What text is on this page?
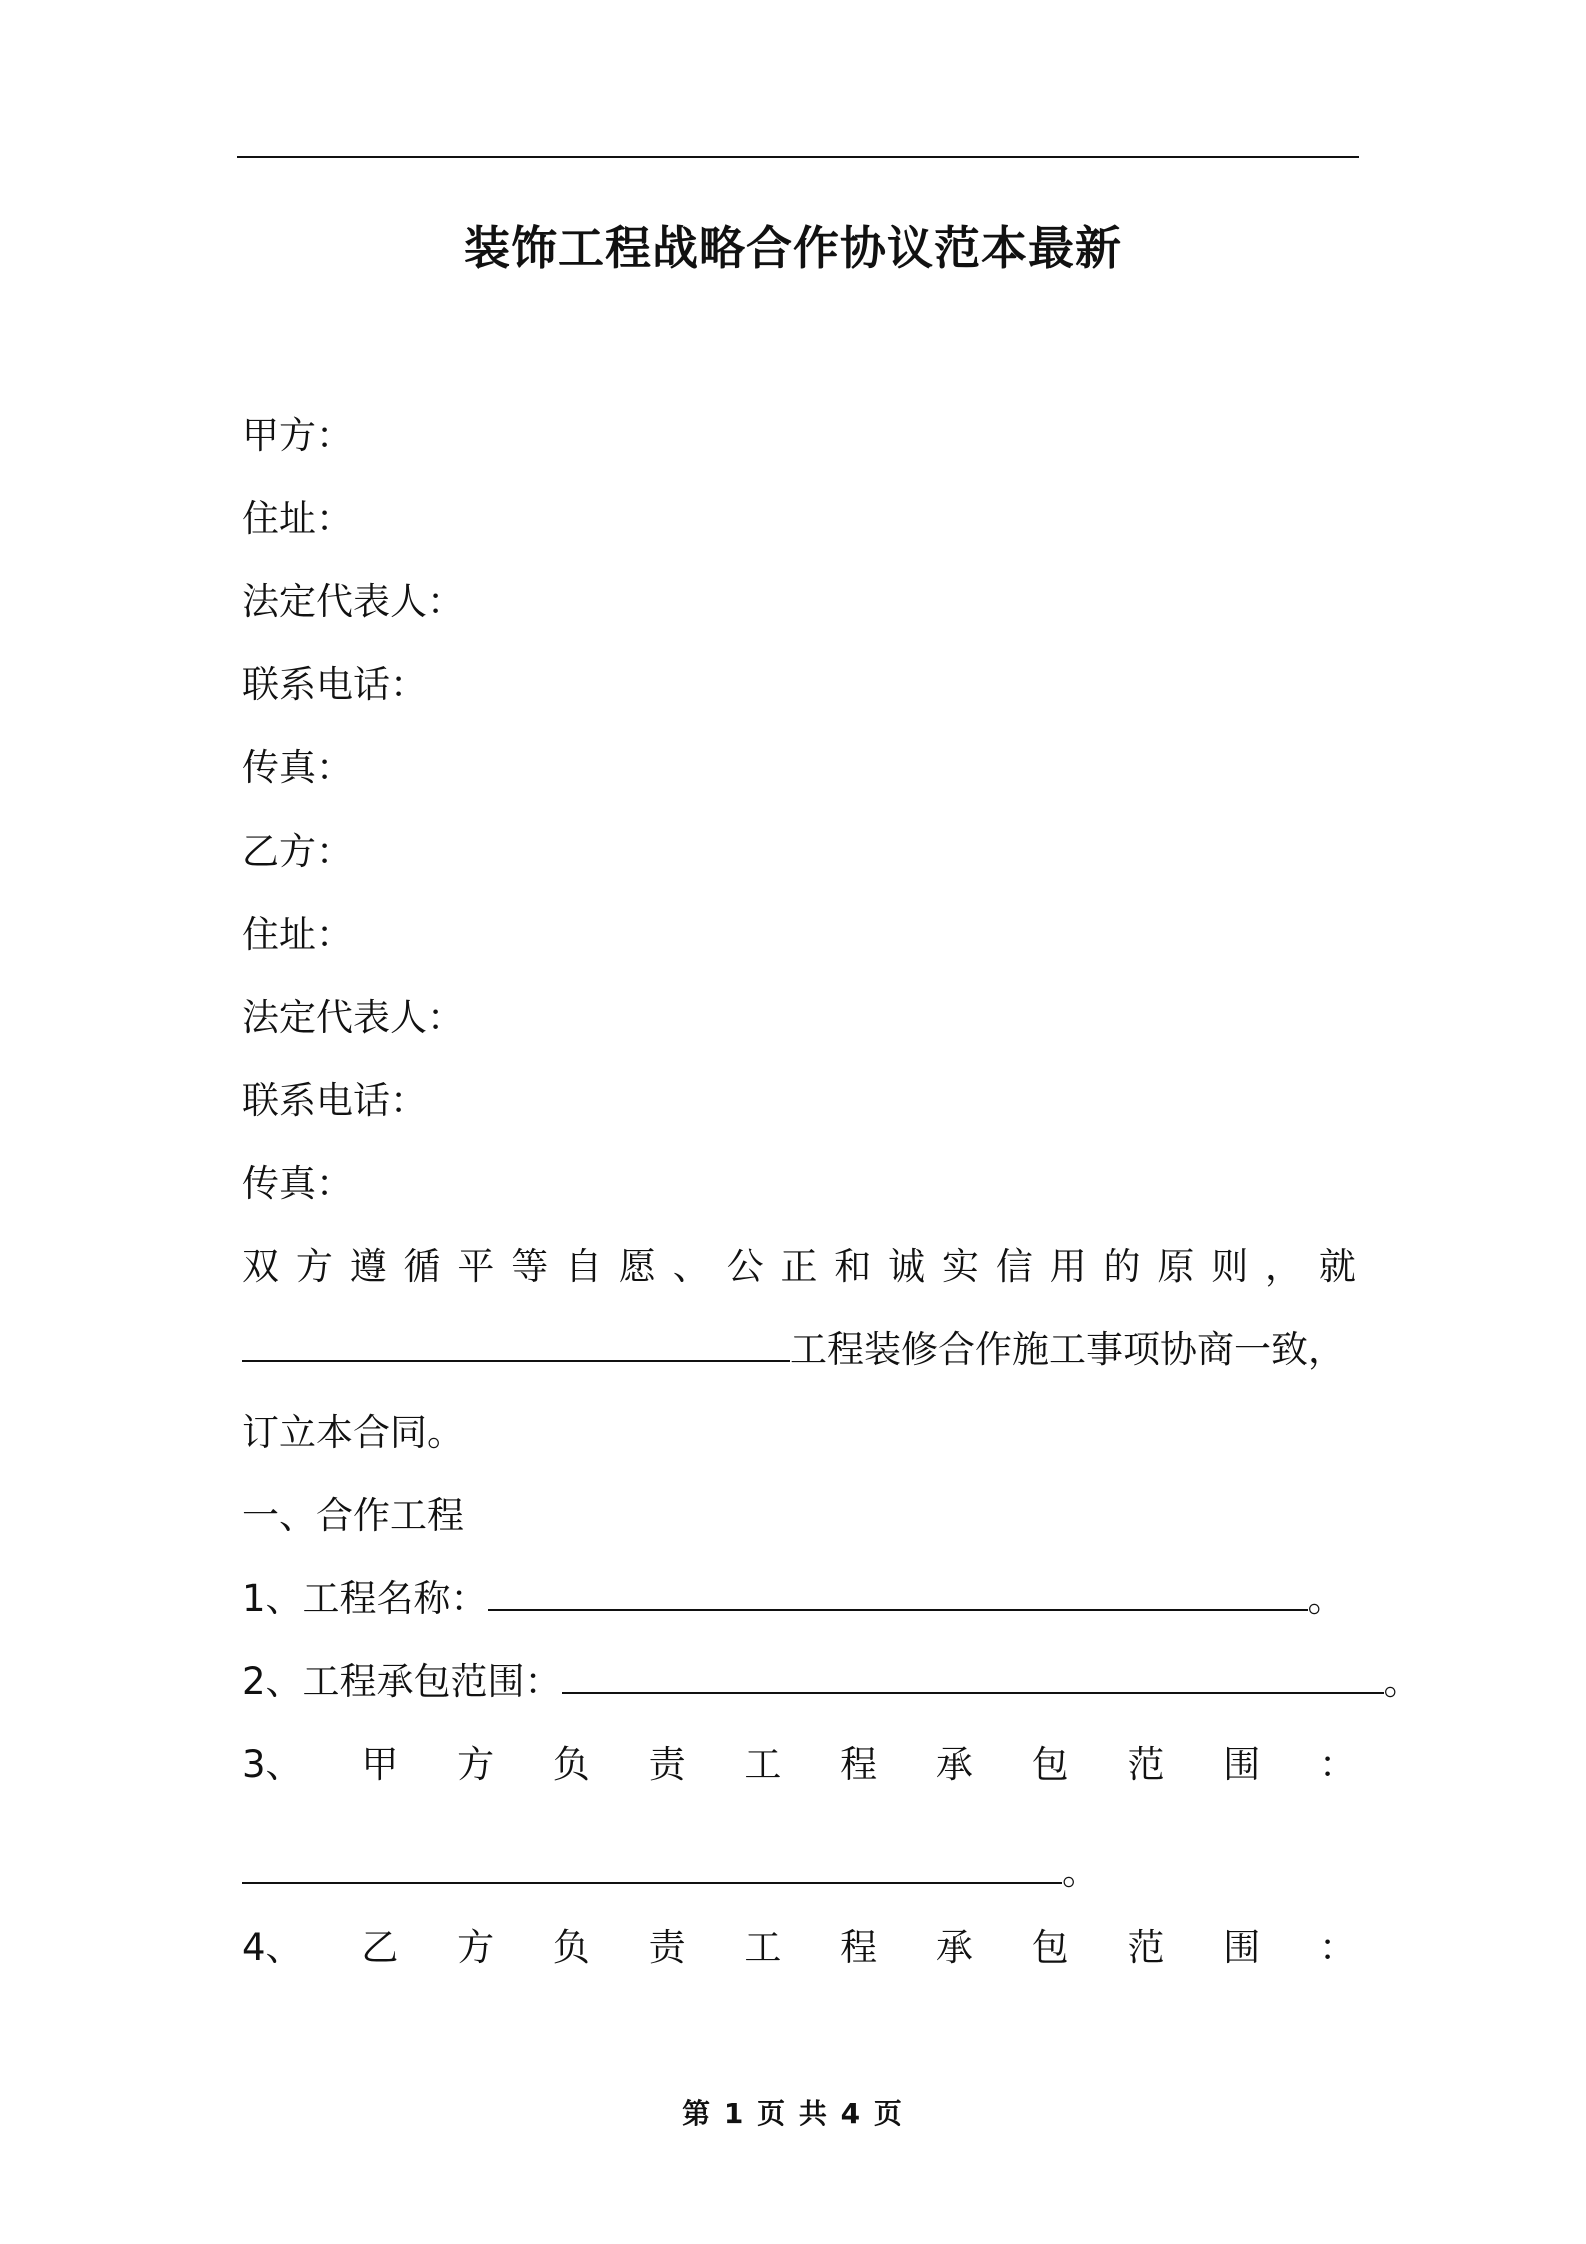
装饰工程战略合作协议范本最新
甲方：
住址：
法定代表人：
联系电话：
传真：
乙方：
住址：
法定代表人：
联系电话：
传真：
双 方 遵 循 平 等 自 愿 、 公 正 和 诚 实 信 用 的 原 则 ， 就
工程装修合作施工事项协商一致，
订立本合同。
一、合作工程
1、工程名称：	。
2、工程承包范围：	。
3、 甲 方 负 责 工 程 承 包 范 围 ：
。
4、 乙 方 负 责 工 程 承 包 范 围 ：
第 1 页 共 4 页
